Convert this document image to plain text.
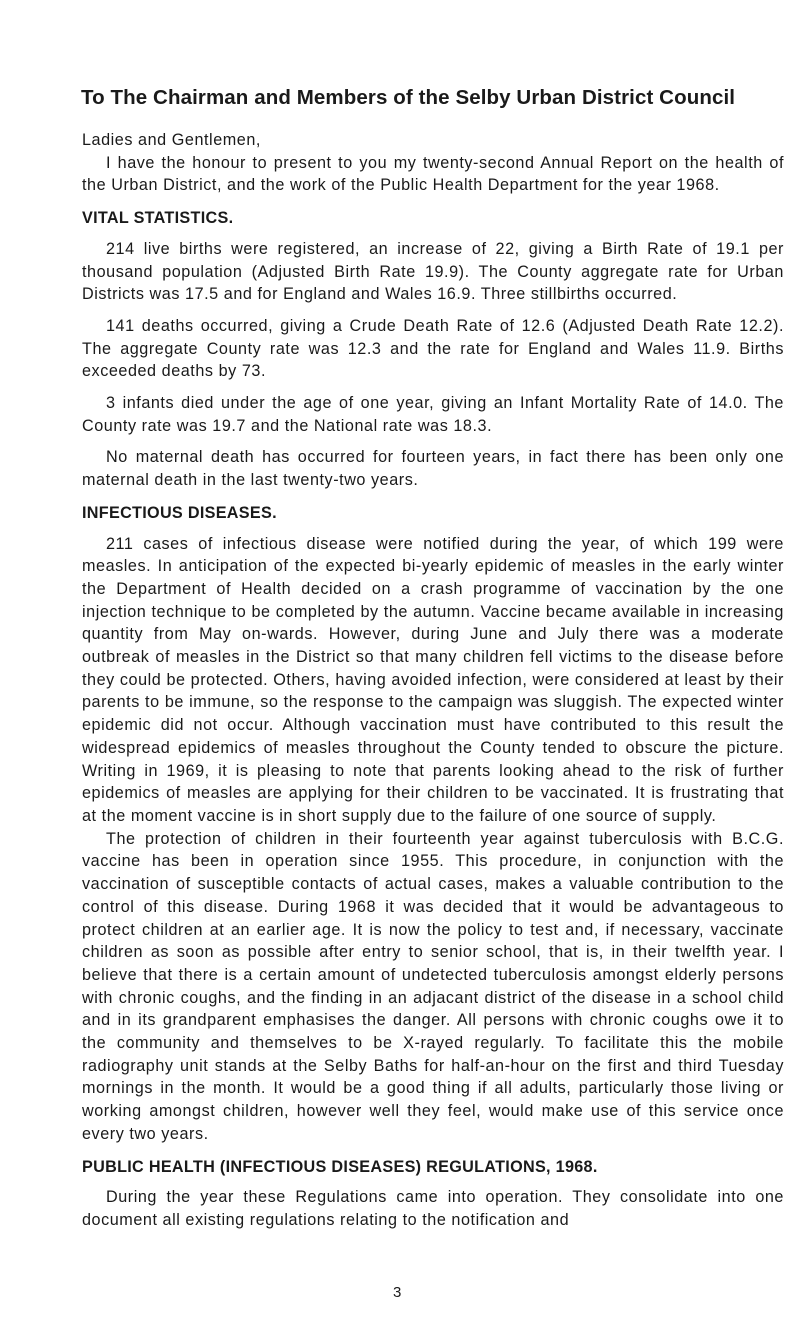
To The Chairman and Members of the Selby Urban District Council

Ladies and Gentlemen,

I have the honour to present to you my twenty-second Annual Report on the health of the Urban District, and the work of the Public Health Department for the year 1968.

VITAL STATISTICS.

214 live births were registered, an increase of 22, giving a Birth Rate of 19.1 per thousand population (Adjusted Birth Rate 19.9). The County aggregate rate for Urban Districts was 17.5 and for England and Wales 16.9. Three stillbirths occurred.

141 deaths occurred, giving a Crude Death Rate of 12.6 (Adjusted Death Rate 12.2). The aggregate County rate was 12.3 and the rate for England and Wales 11.9. Births exceeded deaths by 73.

3 infants died under the age of one year, giving an Infant Mortality Rate of 14.0. The County rate was 19.7 and the National rate was 18.3.

No maternal death has occurred for fourteen years, in fact there has been only one maternal death in the last twenty-two years.

INFECTIOUS DISEASES.

211 cases of infectious disease were notified during the year, of which 199 were measles. In anticipation of the expected bi-yearly epidemic of measles in the early winter the Department of Health decided on a crash programme of vaccination by the one injection technique to be completed by the autumn. Vaccine became available in increasing quantity from May on-wards. However, during June and July there was a moderate outbreak of measles in the District so that many children fell victims to the disease before they could be protected. Others, having avoided infection, were considered at least by their parents to be immune, so the response to the campaign was sluggish. The expected winter epidemic did not occur. Although vaccination must have contributed to this result the widespread epidemics of measles throughout the County tended to obscure the picture. Writing in 1969, it is pleasing to note that parents looking ahead to the risk of further epidemics of measles are applying for their children to be vaccinated. It is frustrating that at the moment vaccine is in short supply due to the failure of one source of supply.

The protection of children in their fourteenth year against tuberculosis with B.C.G. vaccine has been in operation since 1955. This procedure, in conjunction with the vaccination of susceptible contacts of actual cases, makes a valuable contribution to the control of this disease. During 1968 it was decided that it would be advantageous to protect children at an earlier age. It is now the policy to test and, if necessary, vaccinate children as soon as possible after entry to senior school, that is, in their twelfth year. I believe that there is a certain amount of undetected tuberculosis amongst elderly persons with chronic coughs, and the finding in an adjacant district of the disease in a school child and in its grandparent emphasises the danger. All persons with chronic coughs owe it to the community and themselves to be X-rayed regularly. To facilitate this the mobile radiography unit stands at the Selby Baths for half-an-hour on the first and third Tuesday mornings in the month. It would be a good thing if all adults, particularly those living or working amongst children, however well they feel, would make use of this service once every two years.

PUBLIC HEALTH (INFECTIOUS DISEASES) REGULATIONS, 1968.

During the year these Regulations came into operation. They consolidate into one document all existing regulations relating to the notification and

3
